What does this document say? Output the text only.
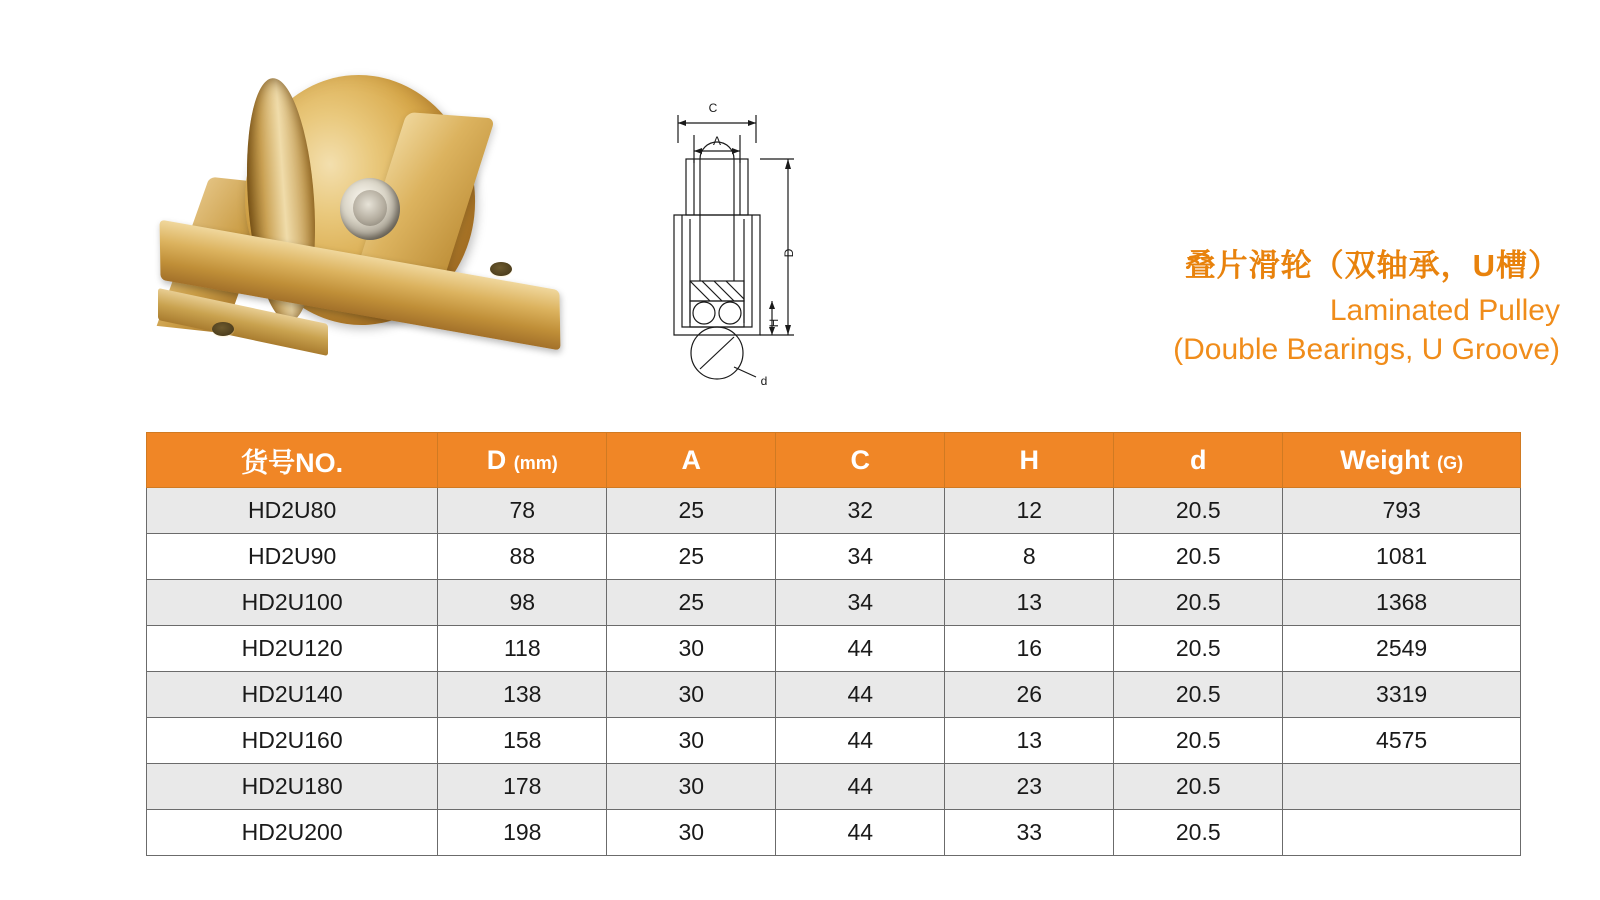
C
A
D
H
d
叠片滑轮（双轴承，U槽）
Laminated Pulley
(Double Bearings, U Groove)
货号NO.	D (mm)	A	C	H	d	Weight (G)
HD2U80	78	25	32	12	20.5	793
HD2U90	88	25	34	8	20.5	1081
HD2U100	98	25	34	13	20.5	1368
HD2U120	118	30	44	16	20.5	2549
HD2U140	138	30	44	26	20.5	3319
HD2U160	158	30	44	13	20.5	4575
HD2U180	178	30	44	23	20.5	
HD2U200	198	30	44	33	20.5	
